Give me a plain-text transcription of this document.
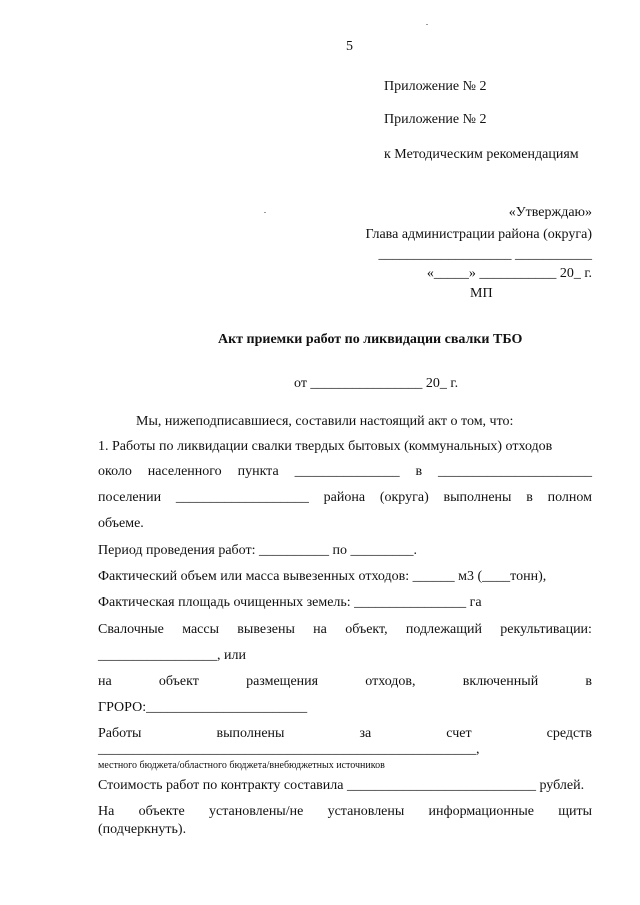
5
Приложение № 2
Приложение № 2
к Методическим рекомендациям
«Утверждаю»
Глава администрации района (округа)
___________________ ___________
«_____» ___________ 20_ г.
МП
Акт приемки работ по ликвидации свалки ТБО
от ________________ 20_ г.
Мы, нижеподписавшиеся, составили настоящий акт о том, что:
1. Работы по ликвидации свалки твердых бытовых (коммунальных) отходов
около населенного пункта _______________ в ______________________
поселении ___________________ района (округа) выполнены в полном
объеме.
Период проведения работ: __________ по _________.
Фактический объем или масса вывезенных отходов: ______ м3 (____тонн),
Фактическая площадь очищенных земель: ________________ га
Свалочные массы вывезены на объект, подлежащий рекультивации:
_________________, или
на	объект	размещения	отходов,	включенный	в
ГРОРО:_______________________
Работы	выполнены	за	счет	средств
______________________________________________________,
местного бюджета/областного бюджета/внебюджетных источников
Стоимость работ по контракту составила ___________________________ рублей.
На объекте установлены/не установлены информационные щиты
(подчеркнуть).
